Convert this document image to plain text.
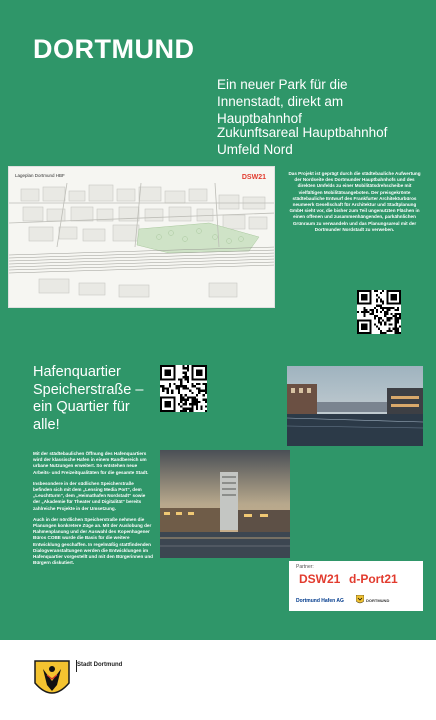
DORTMUND
Ein neuer Park für die Innenstadt, direkt am Hauptbahnhof
Zukunftsareal Hauptbahnhof Umfeld Nord
Lageplan Dortmund HBF	DSW21
Das Projekt ist geprägt durch die städtebauliche Aufwertung der Nordseite des Dortmunder Hauptbahnhofs und des direkten Umfelds zu einer Mobilitätsdrehscheibe mit vielfältigen Mobilitätsangeboten. Der preisgekrönte städtebauliche Entwurf des Frankfurter Architekturbüros neumeerk Gesellschaft für Architektur und Stadtplanung GmbH sieht vor, die bisher zum Teil ungenutzten Flächen in einen offenen und zusammenhängenden, parkähnlichen Grünraum zu verwandeln und das Planungsareal mit der Dortmunder Nordstadt zu verweben.
Hafenquartier Speicherstraße – ein Quartier für alle!

Mit der städtebaulichen Öffnung des Hafenquartiers wird der klassische Hafen in einem Randbereich um urbane Nutzungen erweitert. So entstehen neue Arbeits- und Freizeitqualitäten für die gesamte Stadt.

Insbesondere in der südlichen Speicherstraße befinden sich mit dem „Lensing Media Port“, dem „Leuchtturm“, dem „Heimathafen Nordstadt“ sowie der „Akademie für Theater und Digitalität“ bereits zahlreiche Projekte in der Umsetzung.

Auch in der nördlichen Speicherstraße nehmen die Planungen konkretere Züge an. Mit der Auslobung der Rahmenplanung und der Auswahl des Kopenhagener Büros COBE wurde die Basis für die weitere Entwicklung geschaffen. In regelmäßig stattfindenden Dialogveranstaltungen werden die Entwicklungen im Hafenquartier vorgestellt und mit den Bürgerinnen und Bürgern diskutiert.

Partner:
DSW21 d-Port21
Dortmund Hafen AG	DORTMUND
Stadt Dortmund
